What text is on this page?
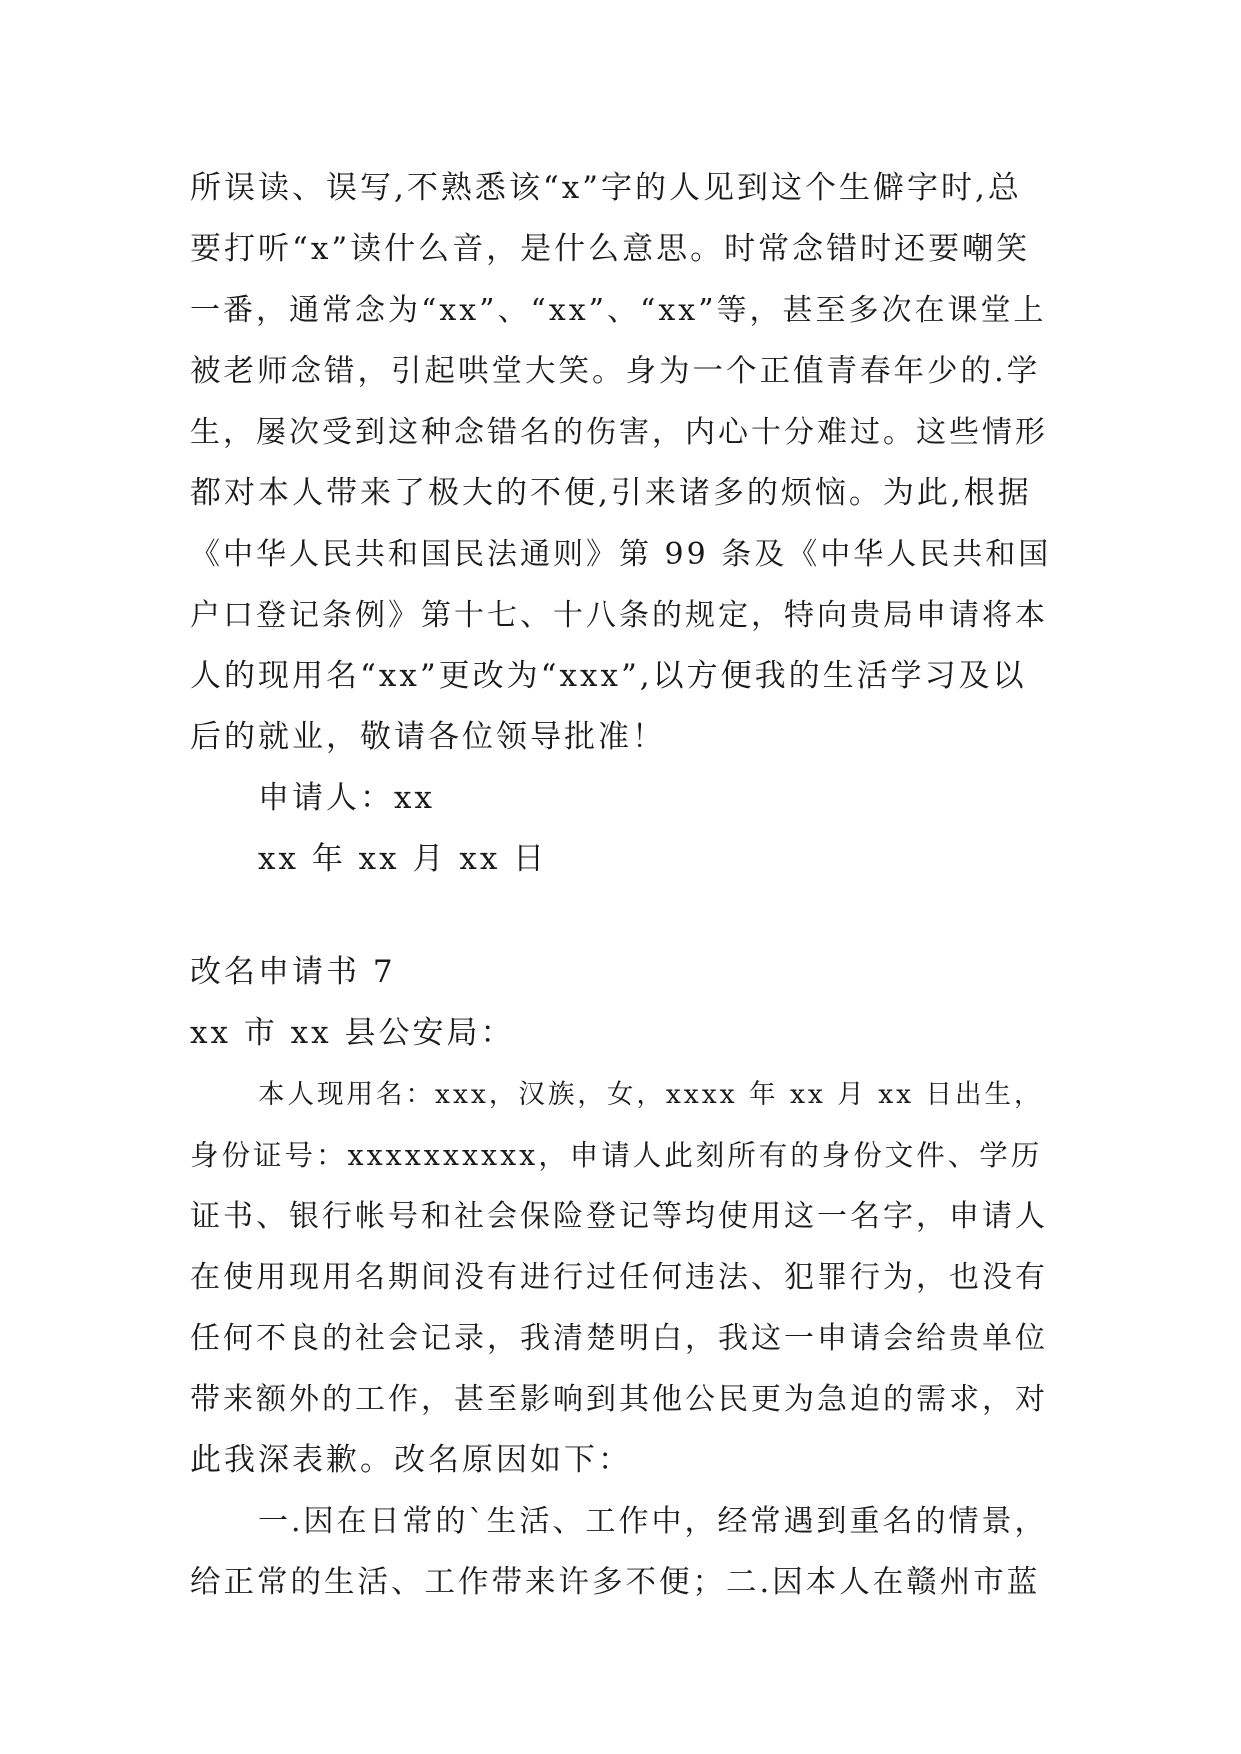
所误读、误写,不熟悉该“x”字的人见到这个生僻字时,总
要打听“x”读什么音，是什么意思。时常念错时还要嘲笑
一番，通常念为“xx”、“xx”、“xx”等，甚至多次在课堂上
被老师念错，引起哄堂大笑。身为一个正值青春年少的.学
生，屡次受到这种念错名的伤害，内心十分难过。这些情形
都对本人带来了极大的不便,引来诸多的烦恼。为此,根据
《中华人民共和国民法通则》第 99 条及《中华人民共和国
户口登记条例》第十七、十八条的规定，特向贵局申请将本
人的现用名“xx”更改为“xxx”,以方便我的生活学习及以
后的就业，敬请各位领导批准！
申请人：xx
xx 年 xx 月 xx 日
改名申请书 7
xx 市 xx 县公安局：
本人现用名：xxx，汉族，女，xxxx 年 xx 月 xx 日出生，
身份证号：xxxxxxxxxx，申请人此刻所有的身份文件、学历
证书、银行帐号和社会保险登记等均使用这一名字，申请人
在使用现用名期间没有进行过任何违法、犯罪行为，也没有
任何不良的社会记录，我清楚明白，我这一申请会给贵单位
带来额外的工作，甚至影响到其他公民更为急迫的需求，对
此我深表歉。改名原因如下：
一.因在日常的`生活、工作中，经常遇到重名的情景，
给正常的生活、工作带来许多不便；二.因本人在赣州市蓝
